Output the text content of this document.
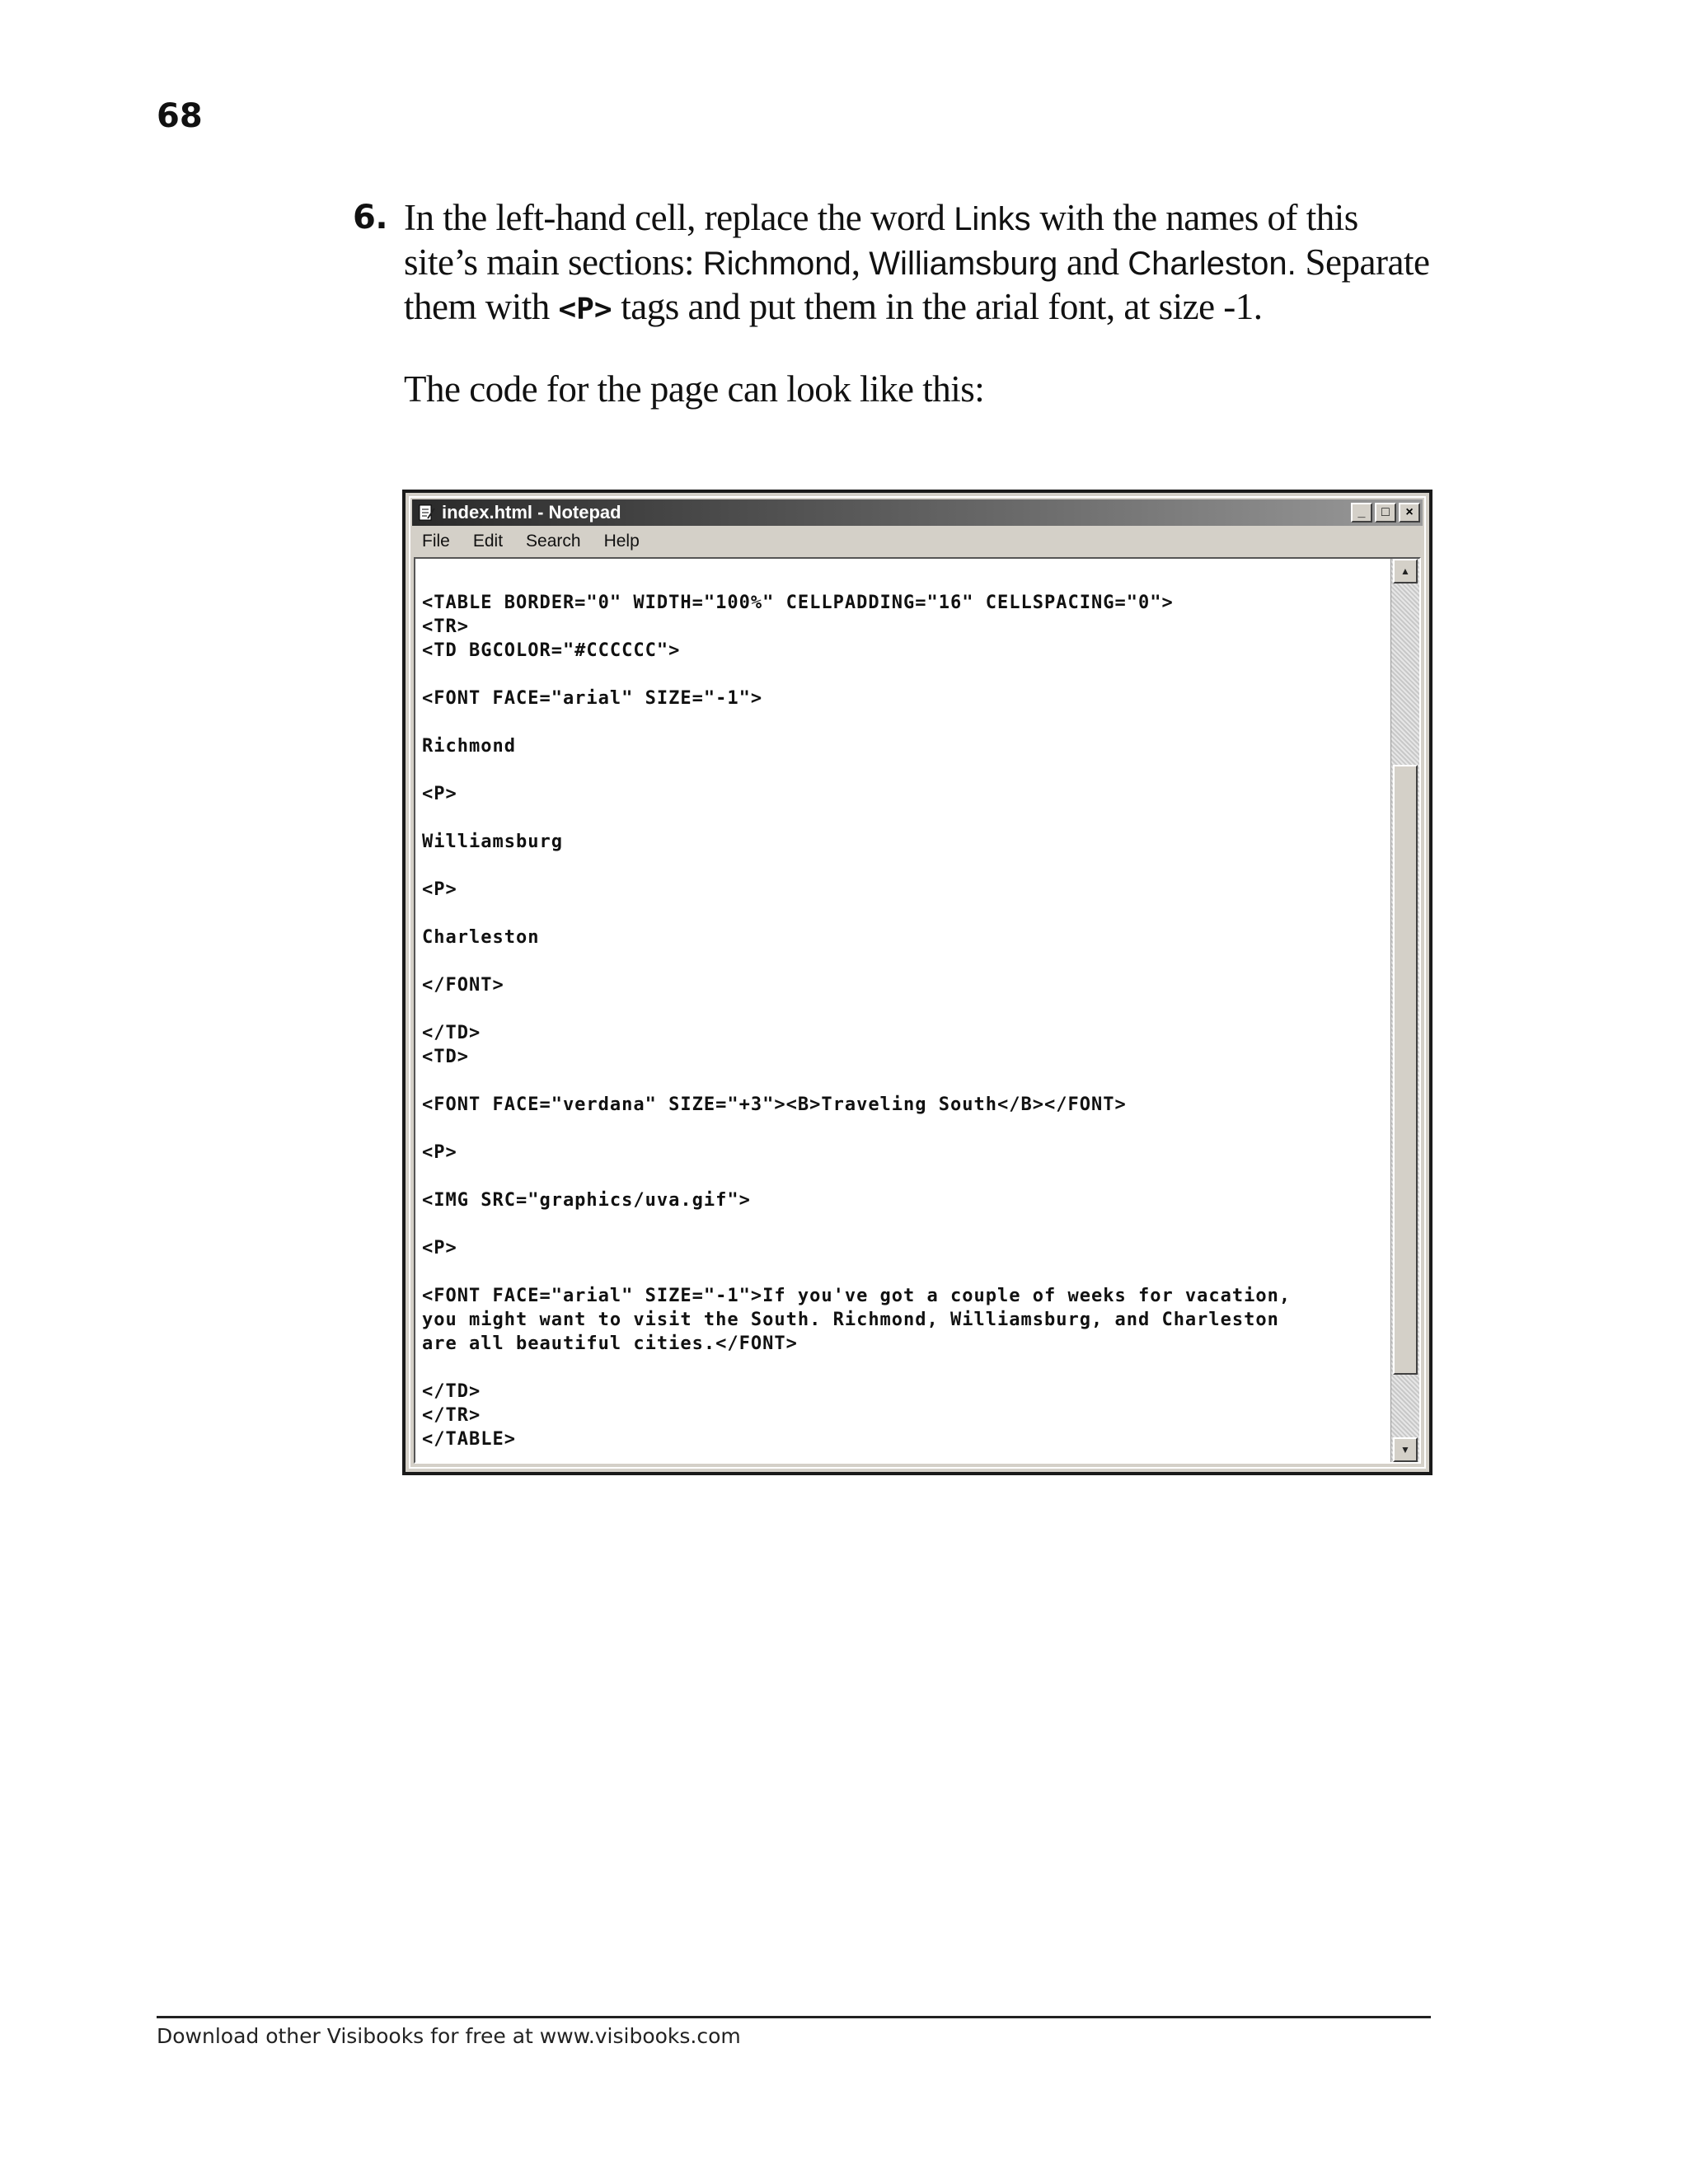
68
6. In the left-hand cell, replace the word Links with the names of this site’s main sections: Richmond, Williamsburg and Charleston. Separate them with <P> tags and put them in the arial font, at size -1.
The code for the page can look like this:
index.html - Notepad	_	□	×
File Edit Search Help

<TABLE BORDER="0" WIDTH="100%" CELLPADDING="16" CELLSPACING="0">
<TR>
<TD BGCOLOR="#CCCCCC">

<FONT FACE="arial" SIZE="-1">

Richmond

<P>

Williamsburg

<P>

Charleston

</FONT>

</TD>
<TD>

<FONT FACE="verdana" SIZE="+3"><B>Traveling South</B></FONT>

<P>

<IMG SRC="graphics/uva.gif">

<P>

<FONT FACE="arial" SIZE="-1">If you've got a couple of weeks for vacation,
you might want to visit the South. Richmond, Williamsburg, and Charleston
are all beautiful cities.</FONT>

</TD>
</TR>
</TABLE>
▲
▼
Download other Visibooks for free at www.visibooks.com
